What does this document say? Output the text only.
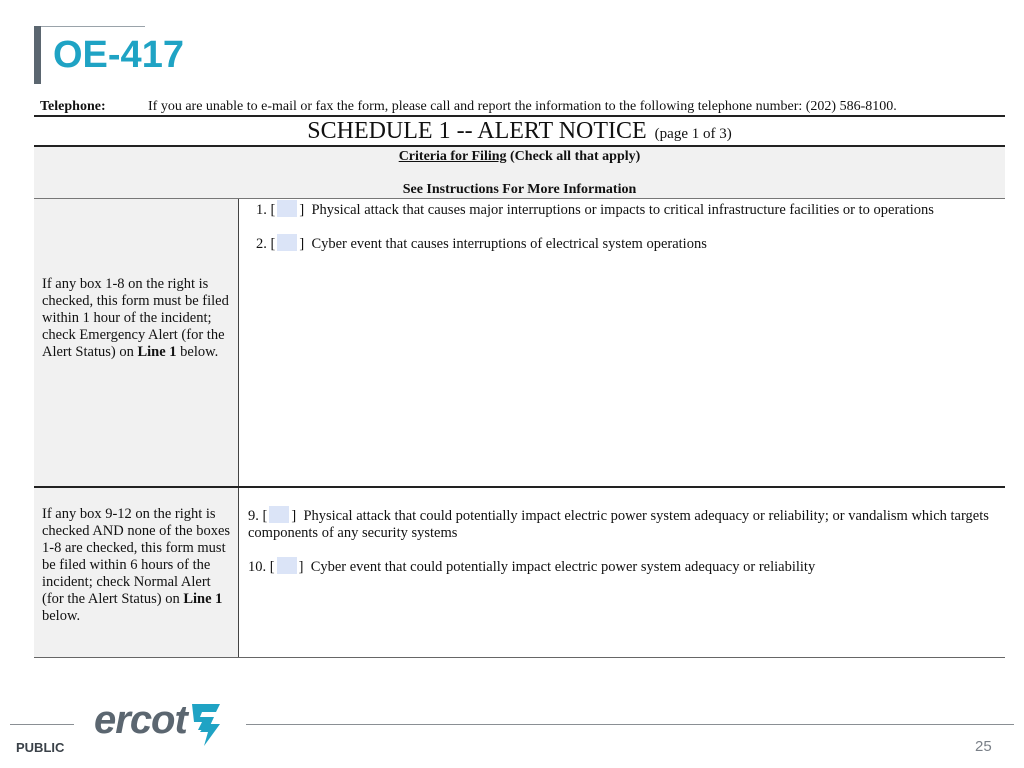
OE-417
Telephone:	If you are unable to e-mail or fax the form, please call and report the information to the following telephone number: (202) 586-8100.
SCHEDULE 1 -- ALERT NOTICE (page 1 of 3)
Criteria for Filing (Check all that apply)
See Instructions For More Information
If any box 1-8 on the right is checked, this form must be filed within 1 hour of the incident; check Emergency Alert (for the Alert Status) on Line 1 below.
1. [ ] Physical attack that causes major interruptions or impacts to critical infrastructure facilities or to operations
2. [ ] Cyber event that causes interruptions of electrical system operations
If any box 9-12 on the right is checked AND none of the boxes 1-8 are checked, this form must be filed within 6 hours of the incident; check Normal Alert (for the Alert Status) on Line 1 below.
9. [ ] Physical attack that could potentially impact electric power system adequacy or reliability; or vandalism which targets components of any security systems
10. [ ]  Cyber event that could potentially impact electric power system adequacy or reliability
PUBLIC
ercot
25
